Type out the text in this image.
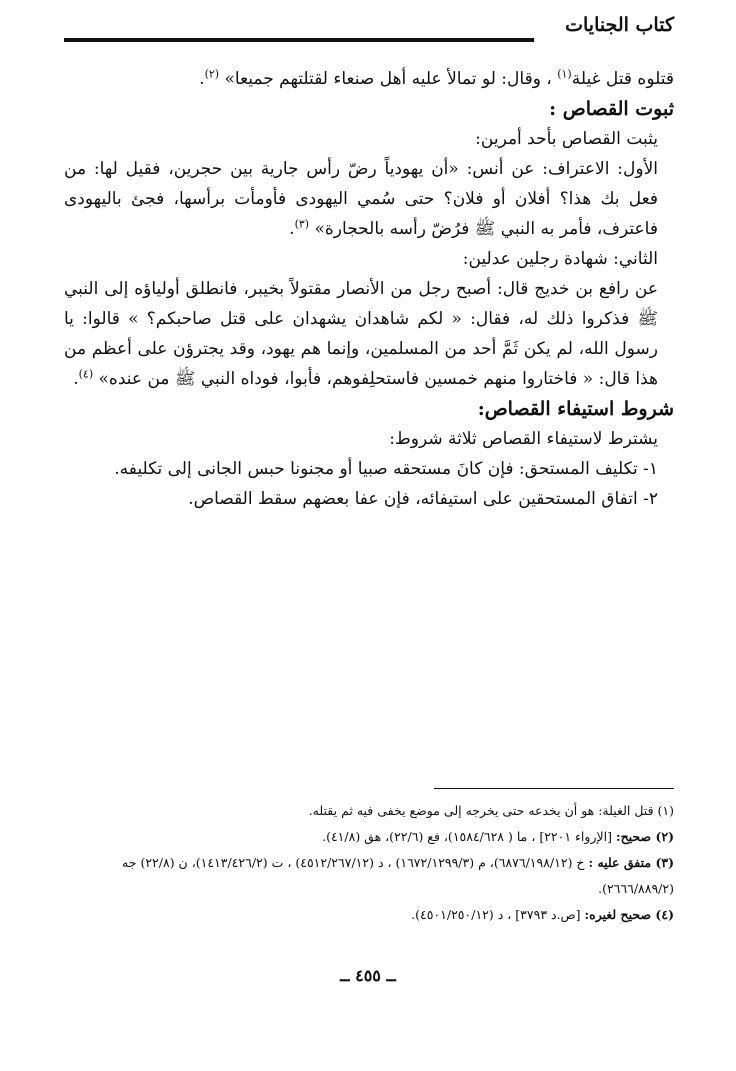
كتاب الجنايات

قتلوه قتل غيلة$^{(١)}$ ، وقال: لو تمالأ عليه أهل صنعاء لقتلتهم جميعا» $^{(٢)}$.

ثبوت القصاص :

يثبت القصاص بأحد أمرين:

الأول: الاعتراف: عن أنس: «أن يهودياً رضّ رأس جارية بين حجرين، فقيل لها: من فعل بك هذا؟ أفلان أو فلان؟ حتى سُمي اليهودى فأومأت برأسها، فجئ باليهودى فاعترف، فأمر به النبي ﷺ فرُضّ رأسه بالحجارة» $^{(٣)}$.

الثاني: شهادة رجلين عدلين:

عن رافع بن خديج قال: أصبح رجل من الأنصار مقتولاً بخيبر، فانطلق أولياؤه إلى النبي ﷺ فذكروا ذلك له، فقال: « لكم شاهدان يشهدان على قتل صاحبكم؟ » قالوا: يا رسول الله، لم يكن ثَمَّ أحد من المسلمين، وإنما هم يهود، وقد يجترؤن على أعظم من هذا قال: « فاختاروا منهم خمسين فاستحلِفوهم، فأبوا، فوداه النبي ﷺ من عنده» $^{(٤)}$.

شروط استيفاء القصاص:

يشترط لاستيفاء القصاص ثلاثة شروط:

١- تكليف المستحق: فإن كانَ مستحقه صبيا أو مجنونا حبس الجانى إلى تكليفه.

٢- اتفاق المستحقين على استيفائه، فإن عفا بعضهم سقط القصاص.

(١) قتل الغيلة: هو أن يخدعه حتى يخرجه إلى موضع يخفى فيه ثم يقتله.

(٢) صحيح: [الإرواء ٢٢٠١] ، ما ( ١٥٨٤/٦٢٨)، فع (٢٢/٦)، هق (٤١/٨).

(٣) متفق عليه : خ (٦٨٧٦/١٩٨/١٢)، م (١٦٧٢/١٢٩٩/٣) ، د (٤٥١٢/٢٦٧/١٢) ، ت (١٤١٣/٤٢٦/٢)، ن (٢٢/٨) جه (٢٦٦٦/٨٨٩/٢).

(٤) صحيح لغيره: [ص.د ٣٧٩٣] ، د (٤٥٠١/٢٥٠/١٢).

ــ ٤٥٥ ــ
